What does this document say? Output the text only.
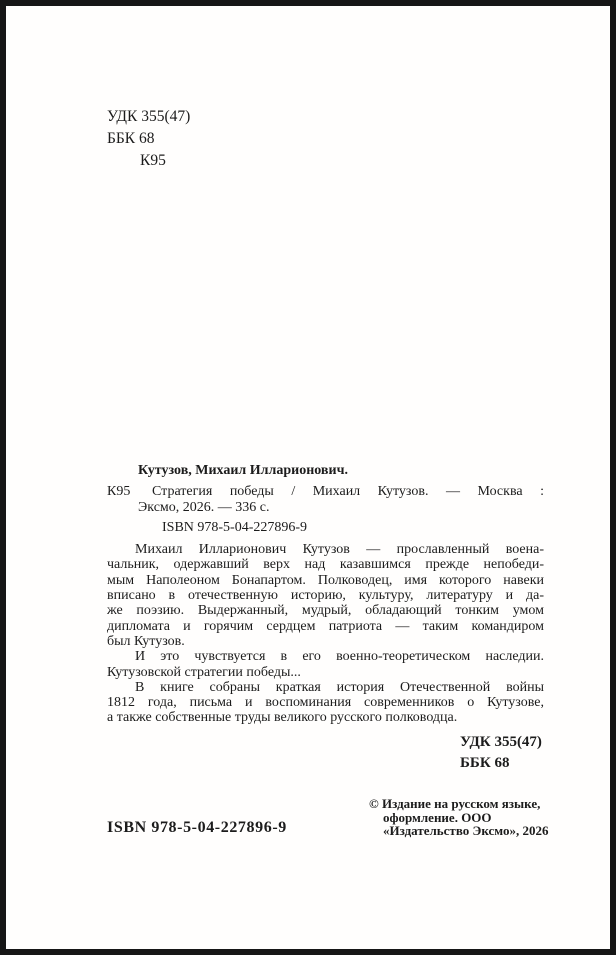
УДК 355(47)
ББК 68
К95
Кутузов, Михаил Илларионович.
К95	Стратегия победы / Михаил Кутузов. — Москва :
Эксмо, 2026. — 336 с.
ISBN 978-5-04-227896-9
Михаил Илларионович Кутузов — прославленный воена-
чальник, одержавший верх над казавшимся прежде непобеди-
мым Наполеоном Бонапартом. Полководец, имя которого навеки
вписано в отечественную историю, культуру, литературу и да-
же поэзию. Выдержанный, мудрый, обладающий тонким умом
дипломата и горячим сердцем патриота — таким командиром
был Кутузов.
И это чувствуется в его военно-теоретическом наследии.
Кутузовской стратегии победы...
В книге собраны краткая история Отечественной войны
1812 года, письма и воспоминания современников о Кутузове,
а также собственные труды великого русского полководца.
УДК 355(47)
ББК 68
ISBN 978-5-04-227896-9
© Издание на русском языке,
оформление. ООО
«Издательство Эксмо», 2026
